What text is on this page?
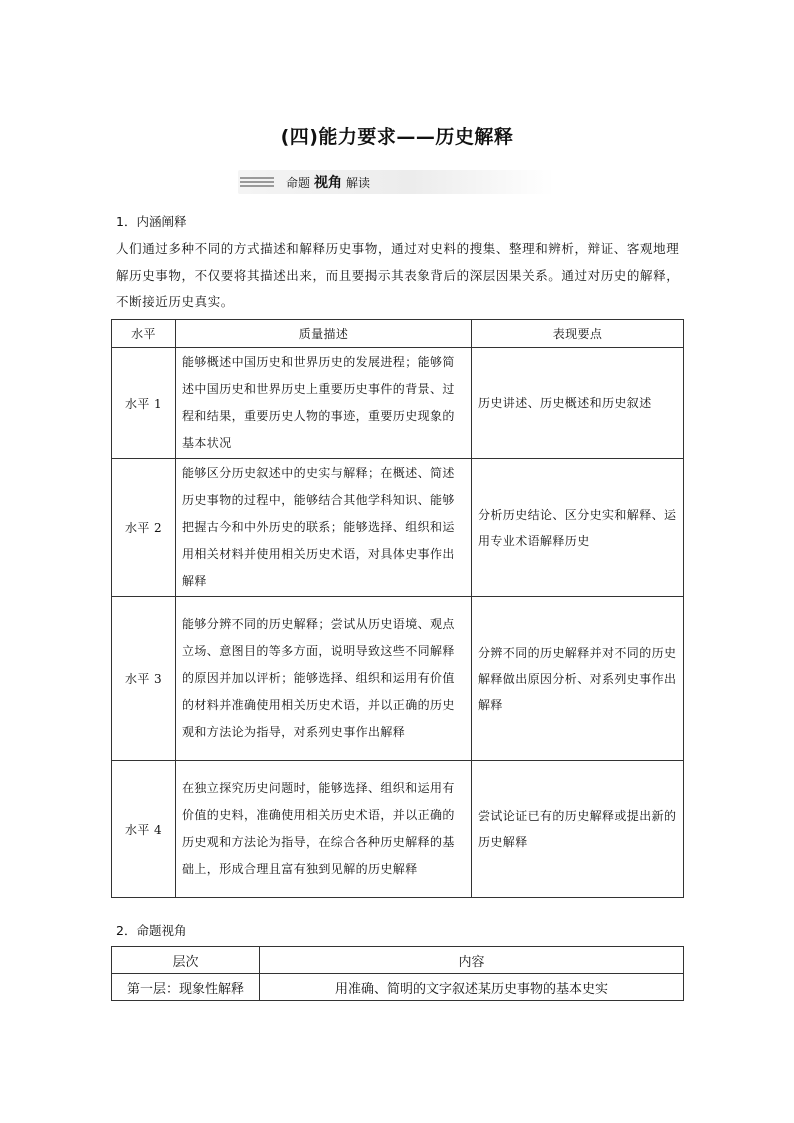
(四)能力要求——历史解释
命题 视角 解读
1．内涵阐释
人们通过多种不同的方式描述和解释历史事物，通过对史料的搜集、整理和辨析，辩证、客观地理解历史事物，不仅要将其描述出来，而且要揭示其表象背后的深层因果关系。通过对历史的解释，不断接近历史真实。
水平	质量描述	表现要点
水平 1	能够概述中国历史和世界历史的发展进程；能够简述中国历史和世界历史上重要历史事件的背景、过程和结果，重要历史人物的事迹，重要历史现象的基本状况	历史讲述、历史概述和历史叙述
水平 2	能够区分历史叙述中的史实与解释；在概述、简述历史事物的过程中，能够结合其他学科知识、能够把握古今和中外历史的联系；能够选择、组织和运用相关材料并使用相关历史术语，对具体史事作出解释	分析历史结论、区分史实和解释、运用专业术语解释历史
水平 3	能够分辨不同的历史解释；尝试从历史语境、观点立场、意图目的等多方面，说明导致这些不同解释的原因并加以评析；能够选择、组织和运用有价值的材料并准确使用相关历史术语，并以正确的历史观和方法论为指导，对系列史事作出解释	分辨不同的历史解释并对不同的历史解释做出原因分析、对系列史事作出解释
水平 4	在独立探究历史问题时，能够选择、组织和运用有价值的史料，准确使用相关历史术语，并以正确的历史观和方法论为指导，在综合各种历史解释的基础上，形成合理且富有独到见解的历史解释	尝试论证已有的历史解释或提出新的历史解释
2．命题视角
层次	内容
第一层：现象性解释	用准确、简明的文字叙述某历史事物的基本史实
